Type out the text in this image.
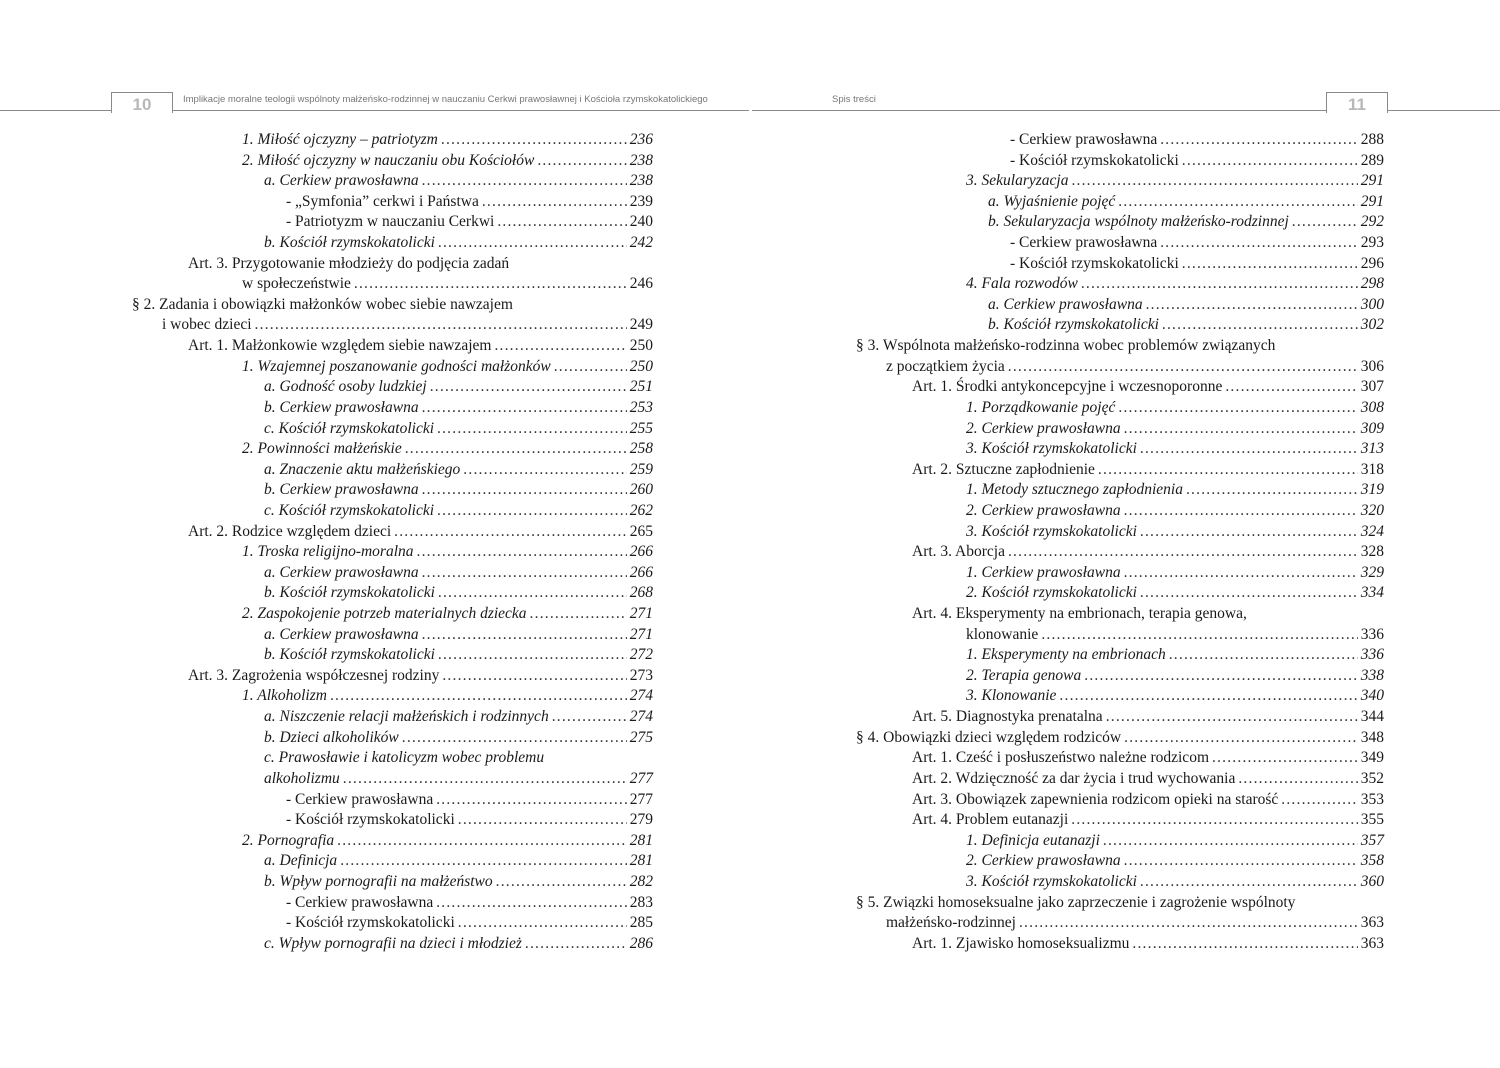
10	Implikacje moralne teologii wspólnoty małżeńsko-rodzinnej w nauczaniu Cerkwi prawosławnej i Kościoła rzymskokatolickiego	Spis treści	11
1. Miłość ojczyzny – patriotyzm .....	236
2. Miłość ojczyzny w nauczaniu obu Kościołów .....	238
a. Cerkiew prawosławna .....	238
- „Symfonia” cerkwi i Państwa .....	239
- Patriotyzm w nauczaniu Cerkwi .....	240
b. Kościół rzymskokatolicki .....	242
Art. 3. Przygotowanie młodzieży do podjęcia zadań
w społeczeństwie .....	246
§ 2. Zadania i obowiązki małżonków wobec siebie nawzajem
i wobec dzieci .....	249
Art. 1. Małżonkowie względem siebie nawzajem .....	250
1. Wzajemnej poszanowanie godności małżonków .....	250
a. Godność osoby ludzkiej .....	251
b. Cerkiew prawosławna .....	253
c. Kościół rzymskokatolicki .....	255
2. Powinności małżeńskie .....	258
a. Znaczenie aktu małżeńskiego .....	259
b. Cerkiew prawosławna .....	260
c. Kościół rzymskokatolicki .....	262
Art. 2. Rodzice względem dzieci .....	265
1. Troska religijno-moralna .....	266
a. Cerkiew prawosławna .....	266
b. Kościół rzymskokatolicki .....	268
2. Zaspokojenie potrzeb materialnych dziecka .....	271
a. Cerkiew prawosławna .....	271
b. Kościół rzymskokatolicki .....	272
Art. 3. Zagrożenia współczesnej rodziny .....	273
1. Alkoholizm .....	274
a. Niszczenie relacji małżeńskich i rodzinnych .....	274
b. Dzieci alkoholików .....	275
c. Prawosławie i katolicyzm wobec problemu
alkoholizmu .....	277
- Cerkiew prawosławna .....	277
- Kościół rzymskokatolicki .....	279
2. Pornografia .....	281
a. Definicja .....	281
b. Wpływ pornografii na małżeństwo .....	282
- Cerkiew prawosławna .....	283
- Kościół rzymskokatolicki .....	285
c. Wpływ pornografii na dzieci i młodzież .....	286
- Cerkiew prawosławna .....	288
- Kościół rzymskokatolicki .....	289
3. Sekularyzacja .....	291
a. Wyjaśnienie pojęć .....	291
b. Sekularyzacja wspólnoty małżeńsko-rodzinnej .....	292
- Cerkiew prawosławna .....	293
- Kościół rzymskokatolicki .....	296
4. Fala rozwodów .....	298
a. Cerkiew prawosławna .....	300
b. Kościół rzymskokatolicki .....	302
§ 3. Wspólnota małżeńsko-rodzinna wobec problemów związanych
z początkiem życia .....	306
Art. 1. Środki antykoncepcyjne i wczesnoporonne .....	307
1. Porządkowanie pojęć .....	308
2. Cerkiew prawosławna .....	309
3. Kościół rzymskokatolicki .....	313
Art. 2. Sztuczne zapłodnienie .....	318
1. Metody sztucznego zapłodnienia .....	319
2. Cerkiew prawosławna .....	320
3. Kościół rzymskokatolicki .....	324
Art. 3. Aborcja .....	328
1. Cerkiew prawosławna .....	329
2. Kościół rzymskokatolicki .....	334
Art. 4. Eksperymenty na embrionach, terapia genowa,
klonowanie .....	336
1. Eksperymenty na embrionach .....	336
2. Terapia genowa .....	338
3. Klonowanie .....	340
Art. 5. Diagnostyka prenatalna .....	344
§ 4. Obowiązki dzieci względem rodziców .....	348
Art. 1. Cześć i posłuszeństwo należne rodzicom .....	349
Art. 2. Wdzięczność za dar życia i trud wychowania .....	352
Art. 3. Obowiązek zapewnienia rodzicom opieki na starość .....	353
Art. 4. Problem eutanazji .....	355
1. Definicja eutanazji .....	357
2. Cerkiew prawosławna .....	358
3. Kościół rzymskokatolicki .....	360
§ 5. Związki homoseksualne jako zaprzeczenie i zagrożenie wspólnoty
małżeńsko-rodzinnej .....	363
Art. 1. Zjawisko homoseksualizmu .....	363
